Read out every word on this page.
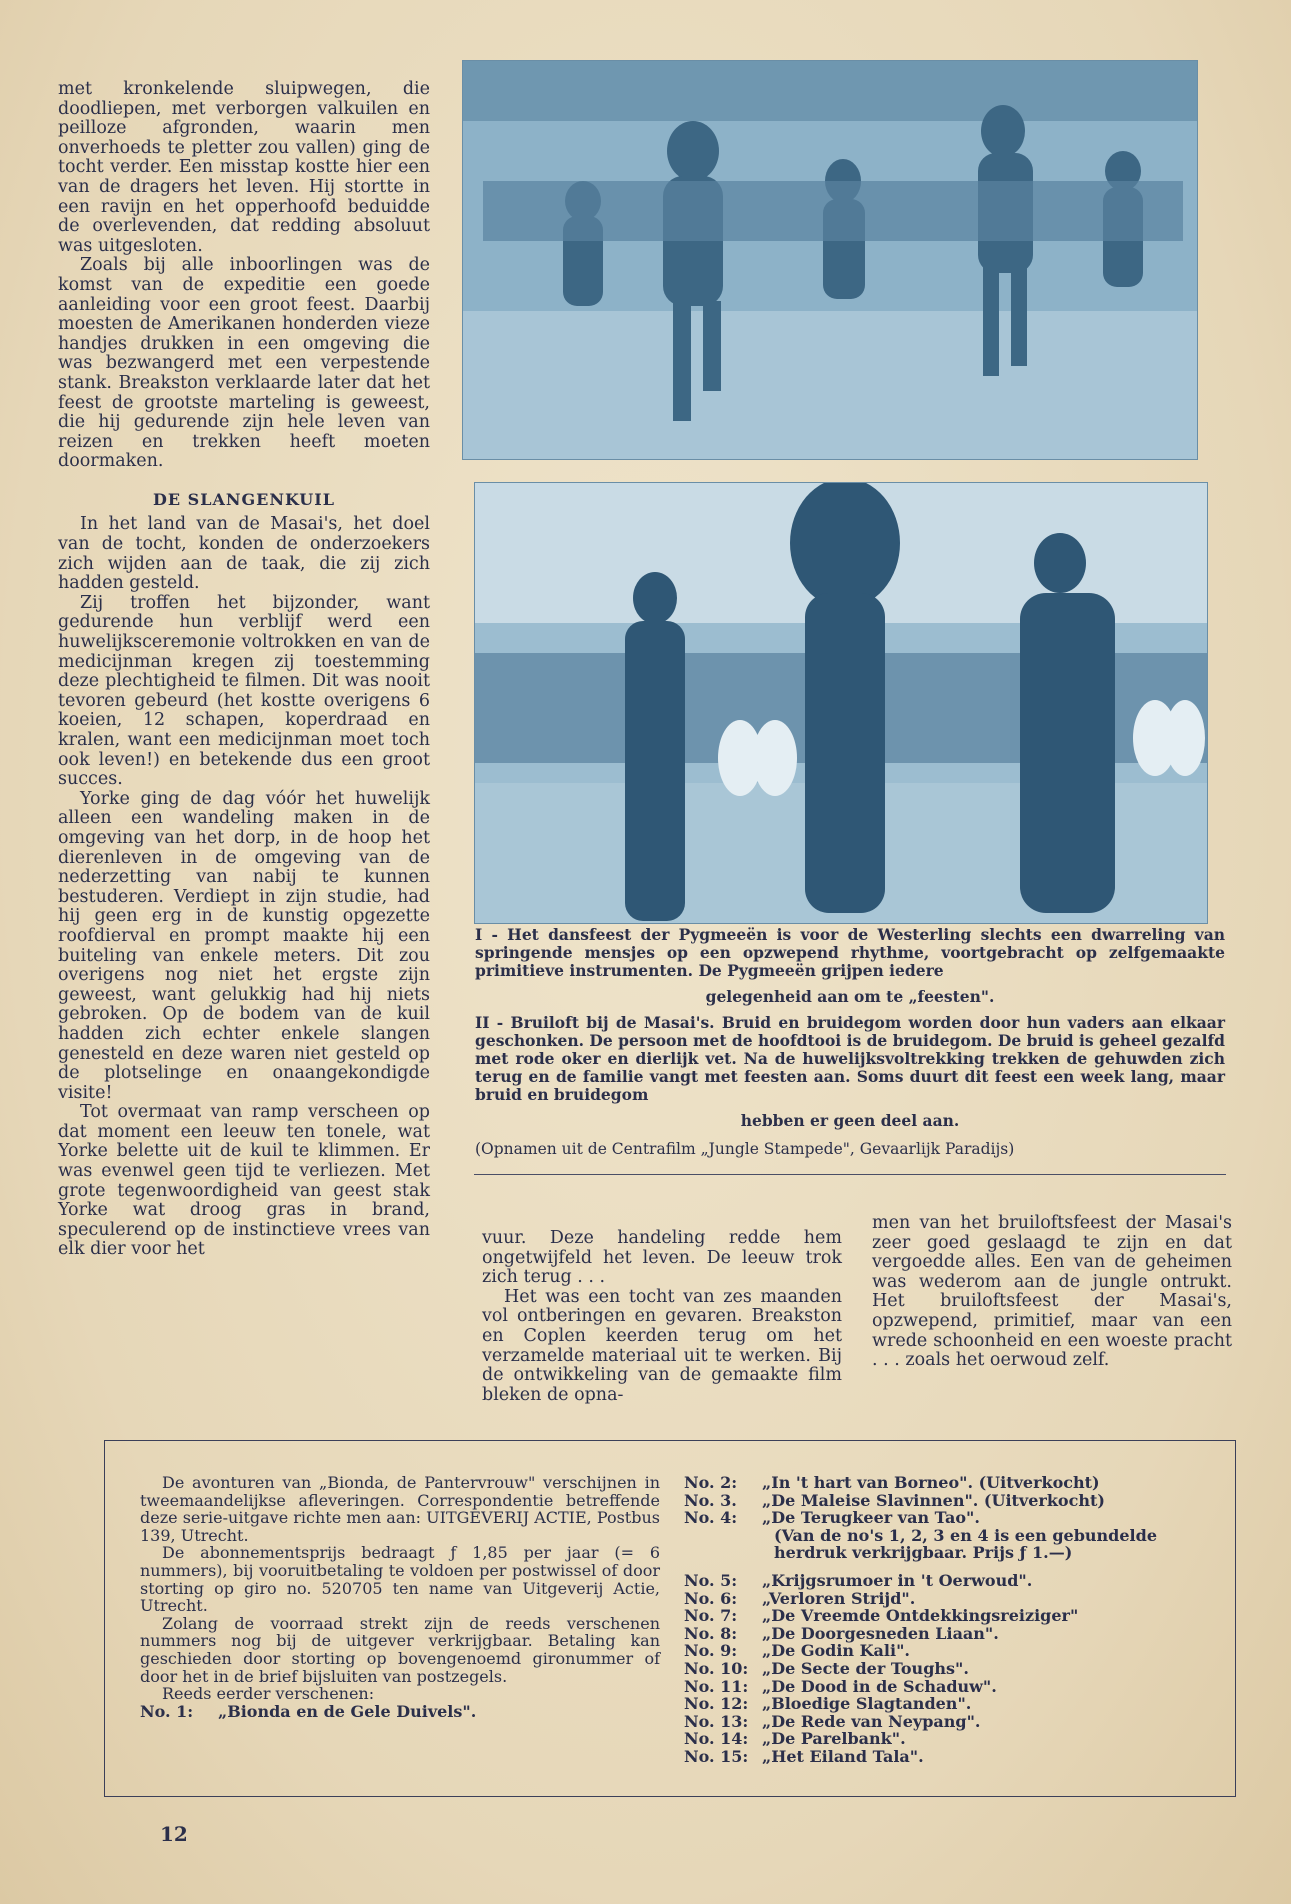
met kronkelende sluipwegen, die doodliepen, met verborgen valkuilen en peilloze afgronden, waarin men onverhoeds te pletter zou vallen) ging de tocht verder. Een misstap kostte hier een van de dragers het leven. Hij stortte in een ravijn en het opperhoofd beduidde de overlevenden, dat redding absoluut was uitgesloten.

Zoals bij alle inboorlingen was de komst van de expeditie een goede aanleiding voor een groot feest. Daarbij moesten de Amerikanen honderden vieze handjes drukken in een omgeving die was bezwangerd met een verpestende stank. Breakston verklaarde later dat het feest de grootste marteling is geweest, die hij gedurende zijn hele leven van reizen en trekken heeft moeten doormaken.

DE SLANGENKUIL

In het land van de Masai's, het doel van de tocht, konden de onderzoekers zich wijden aan de taak, die zij zich hadden gesteld.

Zij troffen het bijzonder, want gedurende hun verblijf werd een huwelijksceremonie voltrokken en van de medicijnman kregen zij toestemming deze plechtigheid te filmen. Dit was nooit tevoren gebeurd (het kostte overigens 6 koeien, 12 schapen, koperdraad en kralen, want een medicijnman moet toch ook leven!) en betekende dus een groot succes.

Yorke ging de dag vóór het huwelijk alleen een wandeling maken in de omgeving van het dorp, in de hoop het dierenleven in de omgeving van de nederzetting van nabij te kunnen bestuderen. Verdiept in zijn studie, had hij geen erg in de kunstig opgezette roofdierval en prompt maakte hij een buiteling van enkele meters. Dit zou overigens nog niet het ergste zijn geweest, want gelukkig had hij niets gebroken. Op de bodem van de kuil hadden zich echter enkele slangen genesteld en deze waren niet gesteld op de plotselinge en onaangekondigde visite!

Tot overmaat van ramp verscheen op dat moment een leeuw ten tonele, wat Yorke belette uit de kuil te klimmen. Er was evenwel geen tijd te verliezen. Met grote tegenwoordigheid van geest stak Yorke wat droog gras in brand, speculerend op de instinctieve vrees van elk dier voor het

I - Het dansfeest der Pygmeeën is voor de Westerling slechts een dwarreling van springende mensjes op een opzwepend rhythme, voortgebracht op zelfgemaakte primitieve instrumenten. De Pygmeeën grijpen iedere

gelegenheid aan om te „feesten".

II - Bruiloft bij de Masai's. Bruid en bruidegom worden door hun vaders aan elkaar geschonken. De persoon met de hoofdtooi is de bruidegom. De bruid is geheel gezalfd met rode oker en dierlijk vet. Na de huwelijksvoltrekking trekken de gehuwden zich terug en de familie vangt met feesten aan. Soms duurt dit feest een week lang, maar bruid en bruidegom

hebben er geen deel aan.

(Opnamen uit de Centrafilm „Jungle Stampede", Gevaarlijk Paradijs)

vuur. Deze handeling redde hem ongetwijfeld het leven. De leeuw trok zich terug . . .

Het was een tocht van zes maanden vol ontberingen en gevaren. Breakston en Coplen keerden terug om het verzamelde materiaal uit te werken. Bij de ontwikkeling van de gemaakte film bleken de opna-

men van het bruiloftsfeest der Masai's zeer goed geslaagd te zijn en dat vergoedde alles. Een van de geheimen was wederom aan de jungle ontrukt. Het bruiloftsfeest der Masai's, opzwepend, primitief, maar van een wrede schoonheid en een woeste pracht . . . zoals het oerwoud zelf.

De avonturen van „Bionda, de Pantervrouw" verschijnen in tweemaandelijkse afleveringen. Correspondentie betreffende deze serie-uitgave richte men aan: UITGEVERIJ ACTIE, Postbus 139, Utrecht.

De abonnementsprijs bedraagt ƒ 1,85 per jaar (= 6 nummers), bij vooruitbetaling te voldoen per postwissel of door storting op giro no. 520705 ten name van Uitgeverij Actie, Utrecht.

Zolang de voorraad strekt zijn de reeds verschenen nummers nog bij de uitgever verkrijgbaar. Betaling kan geschieden door storting op bovengenoemd gironummer of door het in de brief bijsluiten van postzegels.

Reeds eerder verschenen:

No. 1:	„Bionda en de Gele Duivels".
No. 2:	„In 't hart van Borneo". (Uitverkocht)
No. 3.	„De Maleise Slavinnen". (Uitverkocht)
No. 4:	„De Terugkeer van Tao".
(Van de no's 1, 2, 3 en 4 is een gebundelde herdruk verkrijgbaar. Prijs ƒ 1.—)
No. 5:	„Krijgsrumoer in 't Oerwoud".
No. 6:	„Verloren Strijd".
No. 7:	„De Vreemde Ontdekkingsreiziger"
No. 8:	„De Doorgesneden Liaan".
No. 9:	„De Godin Kali".
No. 10: „De Secte der Toughs".
No. 11: „De Dood in de Schaduw".
No. 12: „Bloedige Slagtanden".
No. 13: „De Rede van Neypang".
No. 14: „De Parelbank".
No. 15: „Het Eiland Tala".
12
